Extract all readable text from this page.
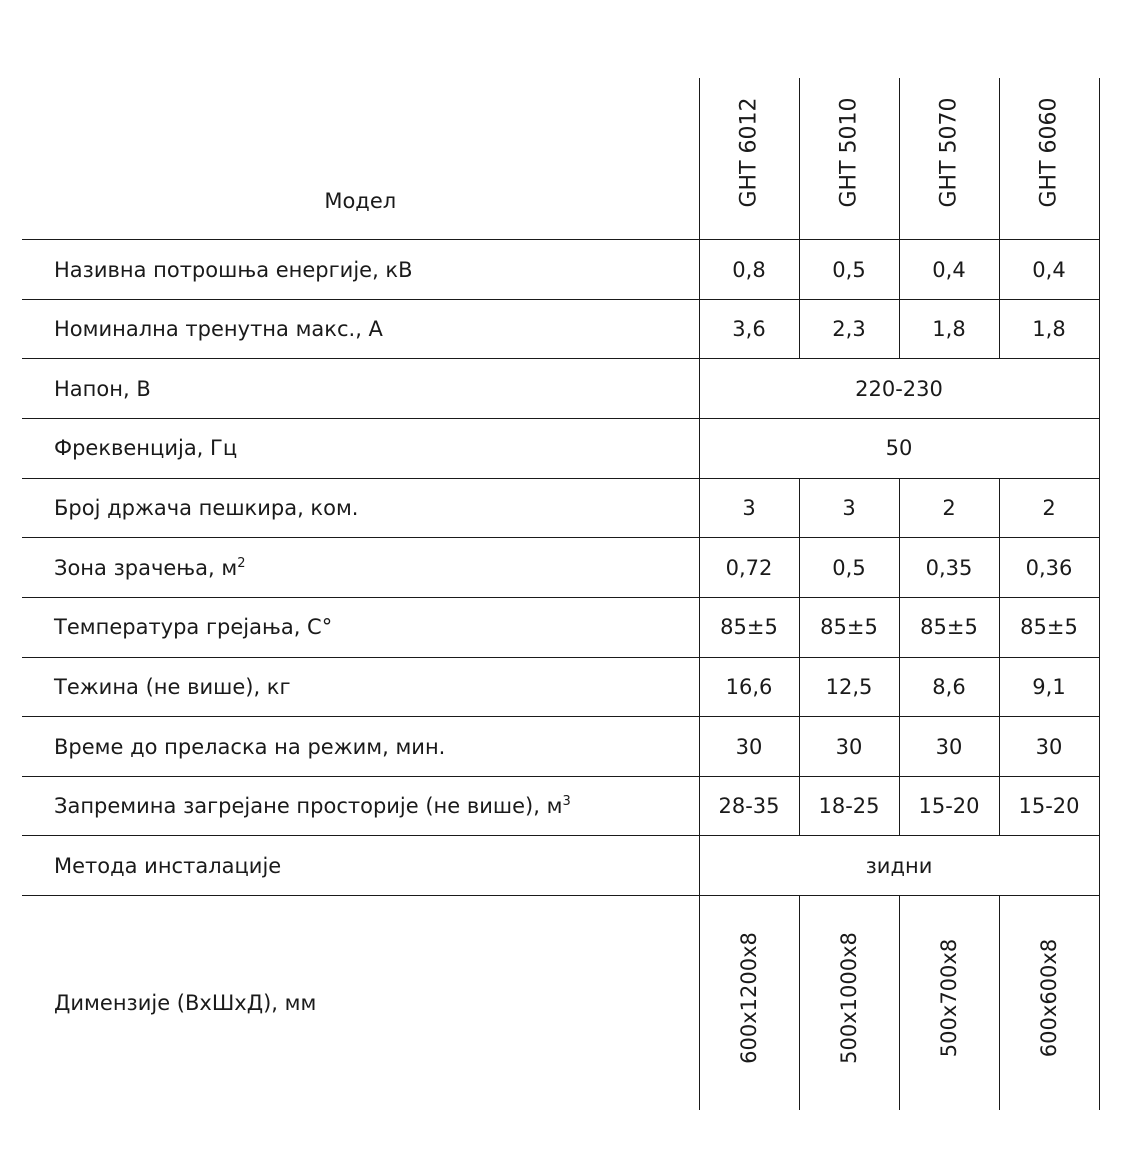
Модел	GHT 6012	GHT 5010	GHT 5070	GHT 6060

Називна потрошња енергије, кВ	0,8	0,5	0,4	0,4
Номинална тренутна макс., А	3,6	2,3	1,8	1,8
Напон, В	220-230			
Фреквенција, Гц	50			
Број држача пешкира, ком.	3	3	2	2
Зона зрачења, $м^2$	0,72	0,5	0,35	0,36
Температура грејања, С°	85±5	85±5	85±5	85±5
Тежина (не више), кг	16,6	12,5	8,6	9,1
Време до преласка на режим, мин.	30	30	30	30
Запремина загрејане просторије (не више), $м^3$	28-35	18-25	15-20	15-20
Метода инсталације	зидни			
Димензије (ВхШхД), мм	600x1200x8	500x1000x8	500x700x8	600x600x8
